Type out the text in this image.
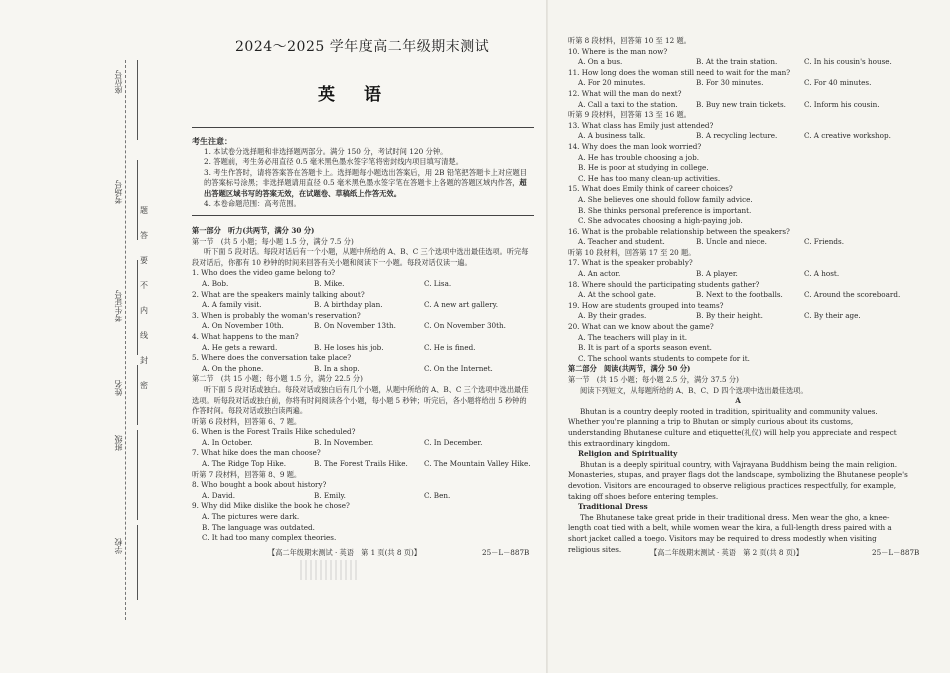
座位号
考场号
考生证号
姓名
班级
学校
题
答
要
不
内
线
封
密
2024～2025 学年度高二年级期末测试
英　语
考生注意：
1. 本试卷分选择题和非选择题两部分。满分 150 分，考试时间 120 分钟。
2. 答题前，考生务必用直径 0.5 毫米黑色墨水签字笔将密封线内项目填写清楚。
3. 考生作答时，请将答案答在答题卡上。选择题每小题选出答案后，用 2B 铅笔把答题卡上对应题目的答案标号涂黑；非选择题请用直径 0.5 毫米黑色墨水签字笔在答题卡上各题的答题区域内作答，超出答题区域书写的答案无效，在试题卷、草稿纸上作答无效。
4. 本卷命题范围：高考范围。
第一部分　听力(共两节，满分 30 分)
第一节　(共 5 小题；每小题 1.5 分，满分 7.5 分)
听下面 5 段对话。每段对话后有一个小题，从题中所给的 A、B、C 三个选项中选出最佳选项。听完每段对话后，你都有 10 秒钟的时间来回答有关小题和阅读下一小题。每段对话仅读一遍。
1. Who does the video game belong to?
A. Bob.	B. Mike.	C. Lisa.
2. What are the speakers mainly talking about?
A. A family visit.	B. A birthday plan.	C. A new art gallery.
3. When is probably the woman's reservation?
A. On November 10th.	B. On November 13th.	C. On November 30th.
4. What happens to the man?
A. He gets a reward.	B. He loses his job.	C. He is fined.
5. Where does the conversation take place?
A. On the phone.	B. In a shop.	C. On the Internet.
第二节　(共 15 小题；每小题 1.5 分，满分 22.5 分)
听下面 5 段对话或独白。每段对话或独白后有几个小题，从题中所给的 A、B、C 三个选项中选出最佳选项。听每段对话或独白前，你将有时间阅读各个小题，每小题 5 秒钟；听完后，各小题将给出 5 秒钟的作答时间。每段对话或独白读两遍。
听第 6 段材料，回答第 6、7 题。
6. When is the Forest Trails Hike scheduled?
A. In October.	B. In November.	C. In December.
7. What hike does the man choose?
A. The Ridge Top Hike.	B. The Forest Trails Hike.	C. The Mountain Valley Hike.
听第 7 段材料，回答第 8、9 题。
8. Who bought a book about history?
A. David.	B. Emily.	C. Ben.
9. Why did Mike dislike the book he chose?
A. The pictures were dark.
B. The language was outdated.
C. It had too many complex theories.
【高二年级期末测试 · 英语　第 1 页(共 8 页)】	25－L－887B
听第 8 段材料，回答第 10 至 12 题。
10. Where is the man now?
A. On a bus.	B. At the train station.	C. In his cousin's house.
11. How long does the woman still need to wait for the man?
A. For 20 minutes.	B. For 30 minutes.	C. For 40 minutes.
12. What will the man do next?
A. Call a taxi to the station.	B. Buy new train tickets.	C. Inform his cousin.
听第 9 段材料，回答第 13 至 16 题。
13. What class has Emily just attended?
A. A business talk.	B. A recycling lecture.	C. A creative workshop.
14. Why does the man look worried?
A. He has trouble choosing a job.
B. He is poor at studying in college.
C. He has too many clean-up activities.
15. What does Emily think of career choices?
A. She believes one should follow family advice.
B. She thinks personal preference is important.
C. She advocates choosing a high-paying job.
16. What is the probable relationship between the speakers?
A. Teacher and student.	B. Uncle and niece.	C. Friends.
听第 10 段材料，回答第 17 至 20 题。
17. What is the speaker probably?
A. An actor.	B. A player.	C. A host.
18. Where should the participating students gather?
A. At the school gate.	B. Next to the footballs.	C. Around the scoreboard.
19. How are students grouped into teams?
A. By their grades.	B. By their height.	C. By their age.
20. What can we know about the game?
A. The teachers will play in it.
B. It is part of a sports season event.
C. The school wants students to compete for it.
第二部分　阅读(共两节，满分 50 分)
第一节　(共 15 小题；每小题 2.5 分，满分 37.5 分)
阅读下列短文，从每题所给的 A、B、C、D 四个选项中选出最佳选项。
A
Bhutan is a country deeply rooted in tradition, spirituality and community values. Whether you're planning a trip to Bhutan or simply curious about its customs, understanding Bhutanese culture and etiquette(礼仪) will help you appreciate and respect this extraordinary kingdom.
Religion and Spirituality
Bhutan is a deeply spiritual country, with Vajrayana Buddhism being the main religion. Monasteries, stupas, and prayer flags dot the landscape, symbolizing the Bhutanese people's devotion. Visitors are encouraged to observe religious practices respectfully, for example, taking off shoes before entering temples.
Traditional Dress
The Bhutanese take great pride in their traditional dress. Men wear the gho, a knee-length coat tied with a belt, while women wear the kira, a full-length dress paired with a short jacket called a toego. Visitors may be required to dress modestly when visiting religious sites.	【高二年级期末测试 · 英语　第 2 页(共 8 页)】	25－L－887B
